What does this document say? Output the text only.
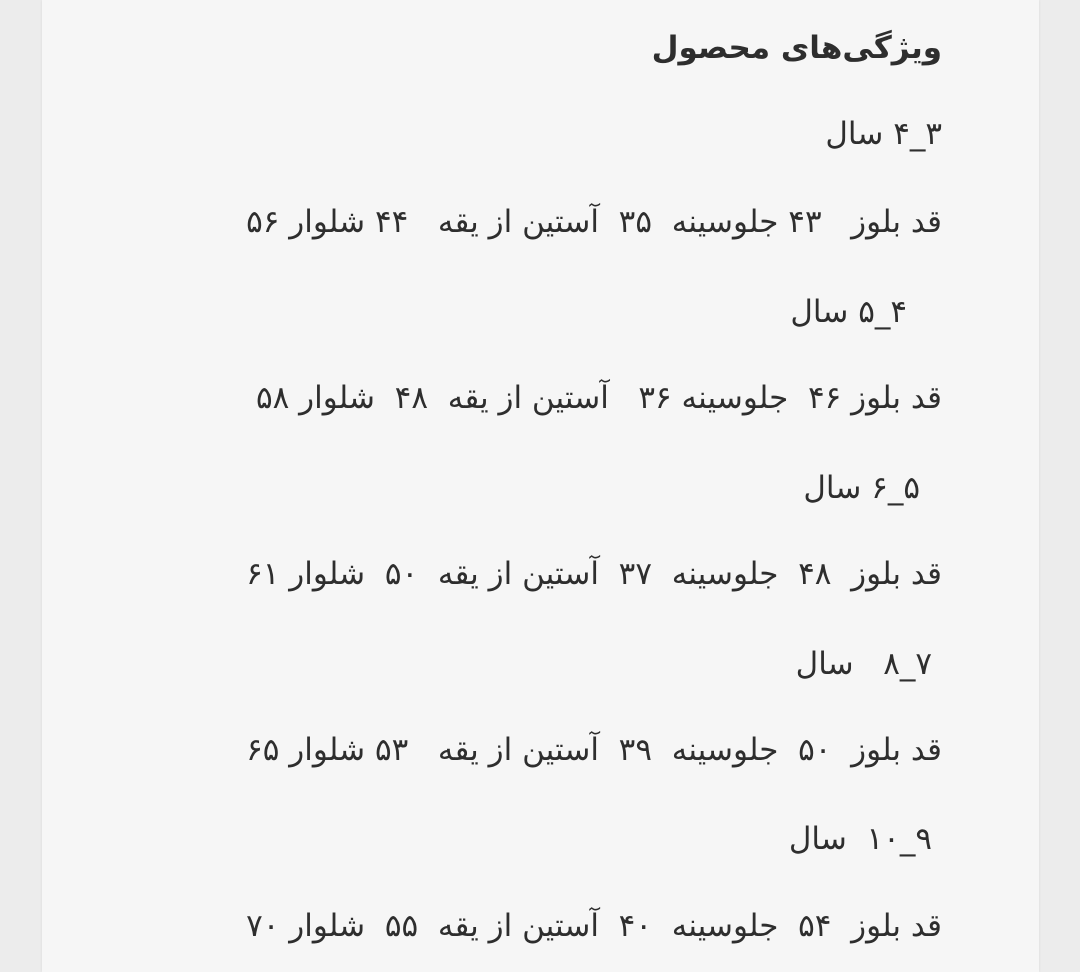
ویژگی‌های محصول

۳_۴ سال

قد بلوز   ۴۳ جلوسینه  ۳۵  آستین از یقه   ۴۴ شلوار ۵۶

۴_۵ سال

قد بلوز ۴۶  جلوسینه ۳۶   آستین از یقه  ۴۸  شلوار ۵۸

۵_۶ سال

قد بلوز  ۴۸  جلوسینه  ۳۷  آستین از یقه  ۵۰  شلوار ۶۱

۷_۸   سال

قد بلوز  ۵۰  جلوسینه  ۳۹  آستین از یقه   ۵۳ شلوار ۶۵

۹_۱۰  سال

قد بلوز  ۵۴  جلوسینه  ۴۰  آستین از یقه  ۵۵  شلوار ۷۰
